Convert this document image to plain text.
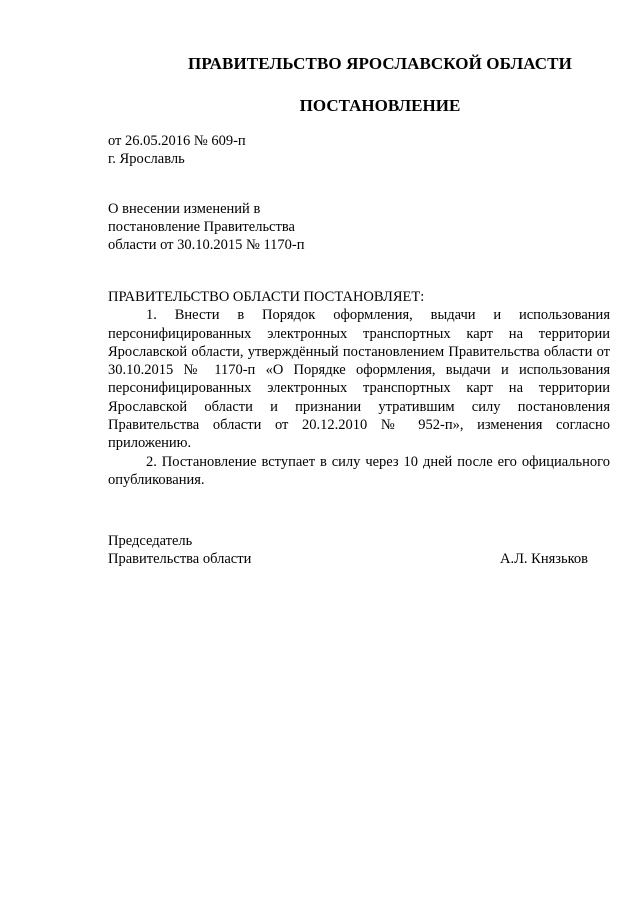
ПРАВИТЕЛЬСТВО ЯРОСЛАВСКОЙ ОБЛАСТИ
ПОСТАНОВЛЕНИЕ
от 26.05.2016 № 609-п
г. Ярославль
О внесении изменений в
постановление Правительства
области от 30.10.2015 № 1170-п
ПРАВИТЕЛЬСТВО ОБЛАСТИ ПОСТАНОВЛЯЕТ:

1. Внести в Порядок оформления, выдачи и использования персонифицированных электронных транспортных карт на территории Ярославской области, утверждённый постановлением Правительства области от 30.10.2015 № 1170-п «О Порядке оформления, выдачи и использования персонифицированных электронных транспортных карт на территории Ярославской области и признании утратившим силу постановления Правительства области от 20.12.2010 № 952-п», изменения согласно приложению.

2. Постановление вступает в силу через 10 дней после его официального опубликования.

Председатель
Правительства области	А.Л. Князьков
